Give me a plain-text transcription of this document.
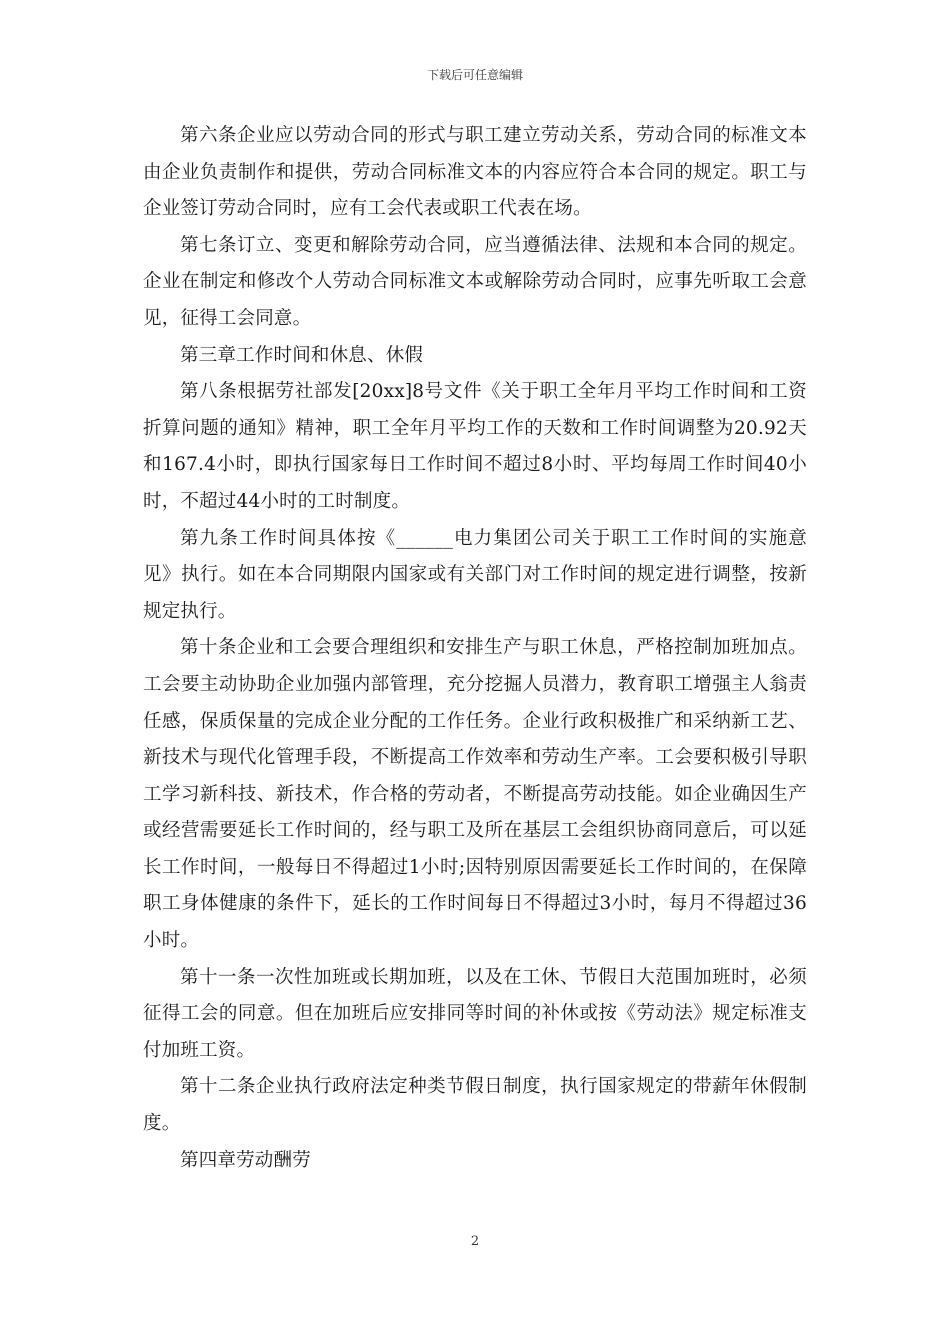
下载后可任意编辑

第六条企业应以劳动合同的形式与职工建立劳动关系，劳动合同的标准文本由企业负责制作和提供，劳动合同标准文本的内容应符合本合同的规定。职工与企业签订劳动合同时，应有工会代表或职工代表在场。

第七条订立、变更和解除劳动合同，应当遵循法律、法规和本合同的规定。企业在制定和修改个人劳动合同标准文本或解除劳动合同时，应事先听取工会意见，征得工会同意。

第三章工作时间和休息、休假

第八条根据劳社部发[20xx]8号文件《关于职工全年月平均工作时间和工资折算问题的通知》精神，职工全年月平均工作的天数和工作时间调整为20.92天和167.4小时，即执行国家每日工作时间不超过8小时、平均每周工作时间40小时，不超过44小时的工时制度。

第九条工作时间具体按《______电力集团公司关于职工工作时间的实施意见》执行。如在本合同期限内国家或有关部门对工作时间的规定进行调整，按新规定执行。

第十条企业和工会要合理组织和安排生产与职工休息，严格控制加班加点。工会要主动协助企业加强内部管理，充分挖掘人员潜力，教育职工增强主人翁责任感，保质保量的完成企业分配的工作任务。企业行政积极推广和采纳新工艺、新技术与现代化管理手段，不断提高工作效率和劳动生产率。工会要积极引导职工学习新科技、新技术，作合格的劳动者，不断提高劳动技能。如企业确因生产或经营需要延长工作时间的，经与职工及所在基层工会组织协商同意后，可以延长工作时间，一般每日不得超过1小时;因特别原因需要延长工作时间的，在保障职工身体健康的条件下，延长的工作时间每日不得超过3小时，每月不得超过36小时。

第十一条一次性加班或长期加班，以及在工休、节假日大范围加班时，必须征得工会的同意。但在加班后应安排同等时间的补休或按《劳动法》规定标准支付加班工资。

第十二条企业执行政府法定种类节假日制度，执行国家规定的带薪年休假制度。

第四章劳动酬劳

2
